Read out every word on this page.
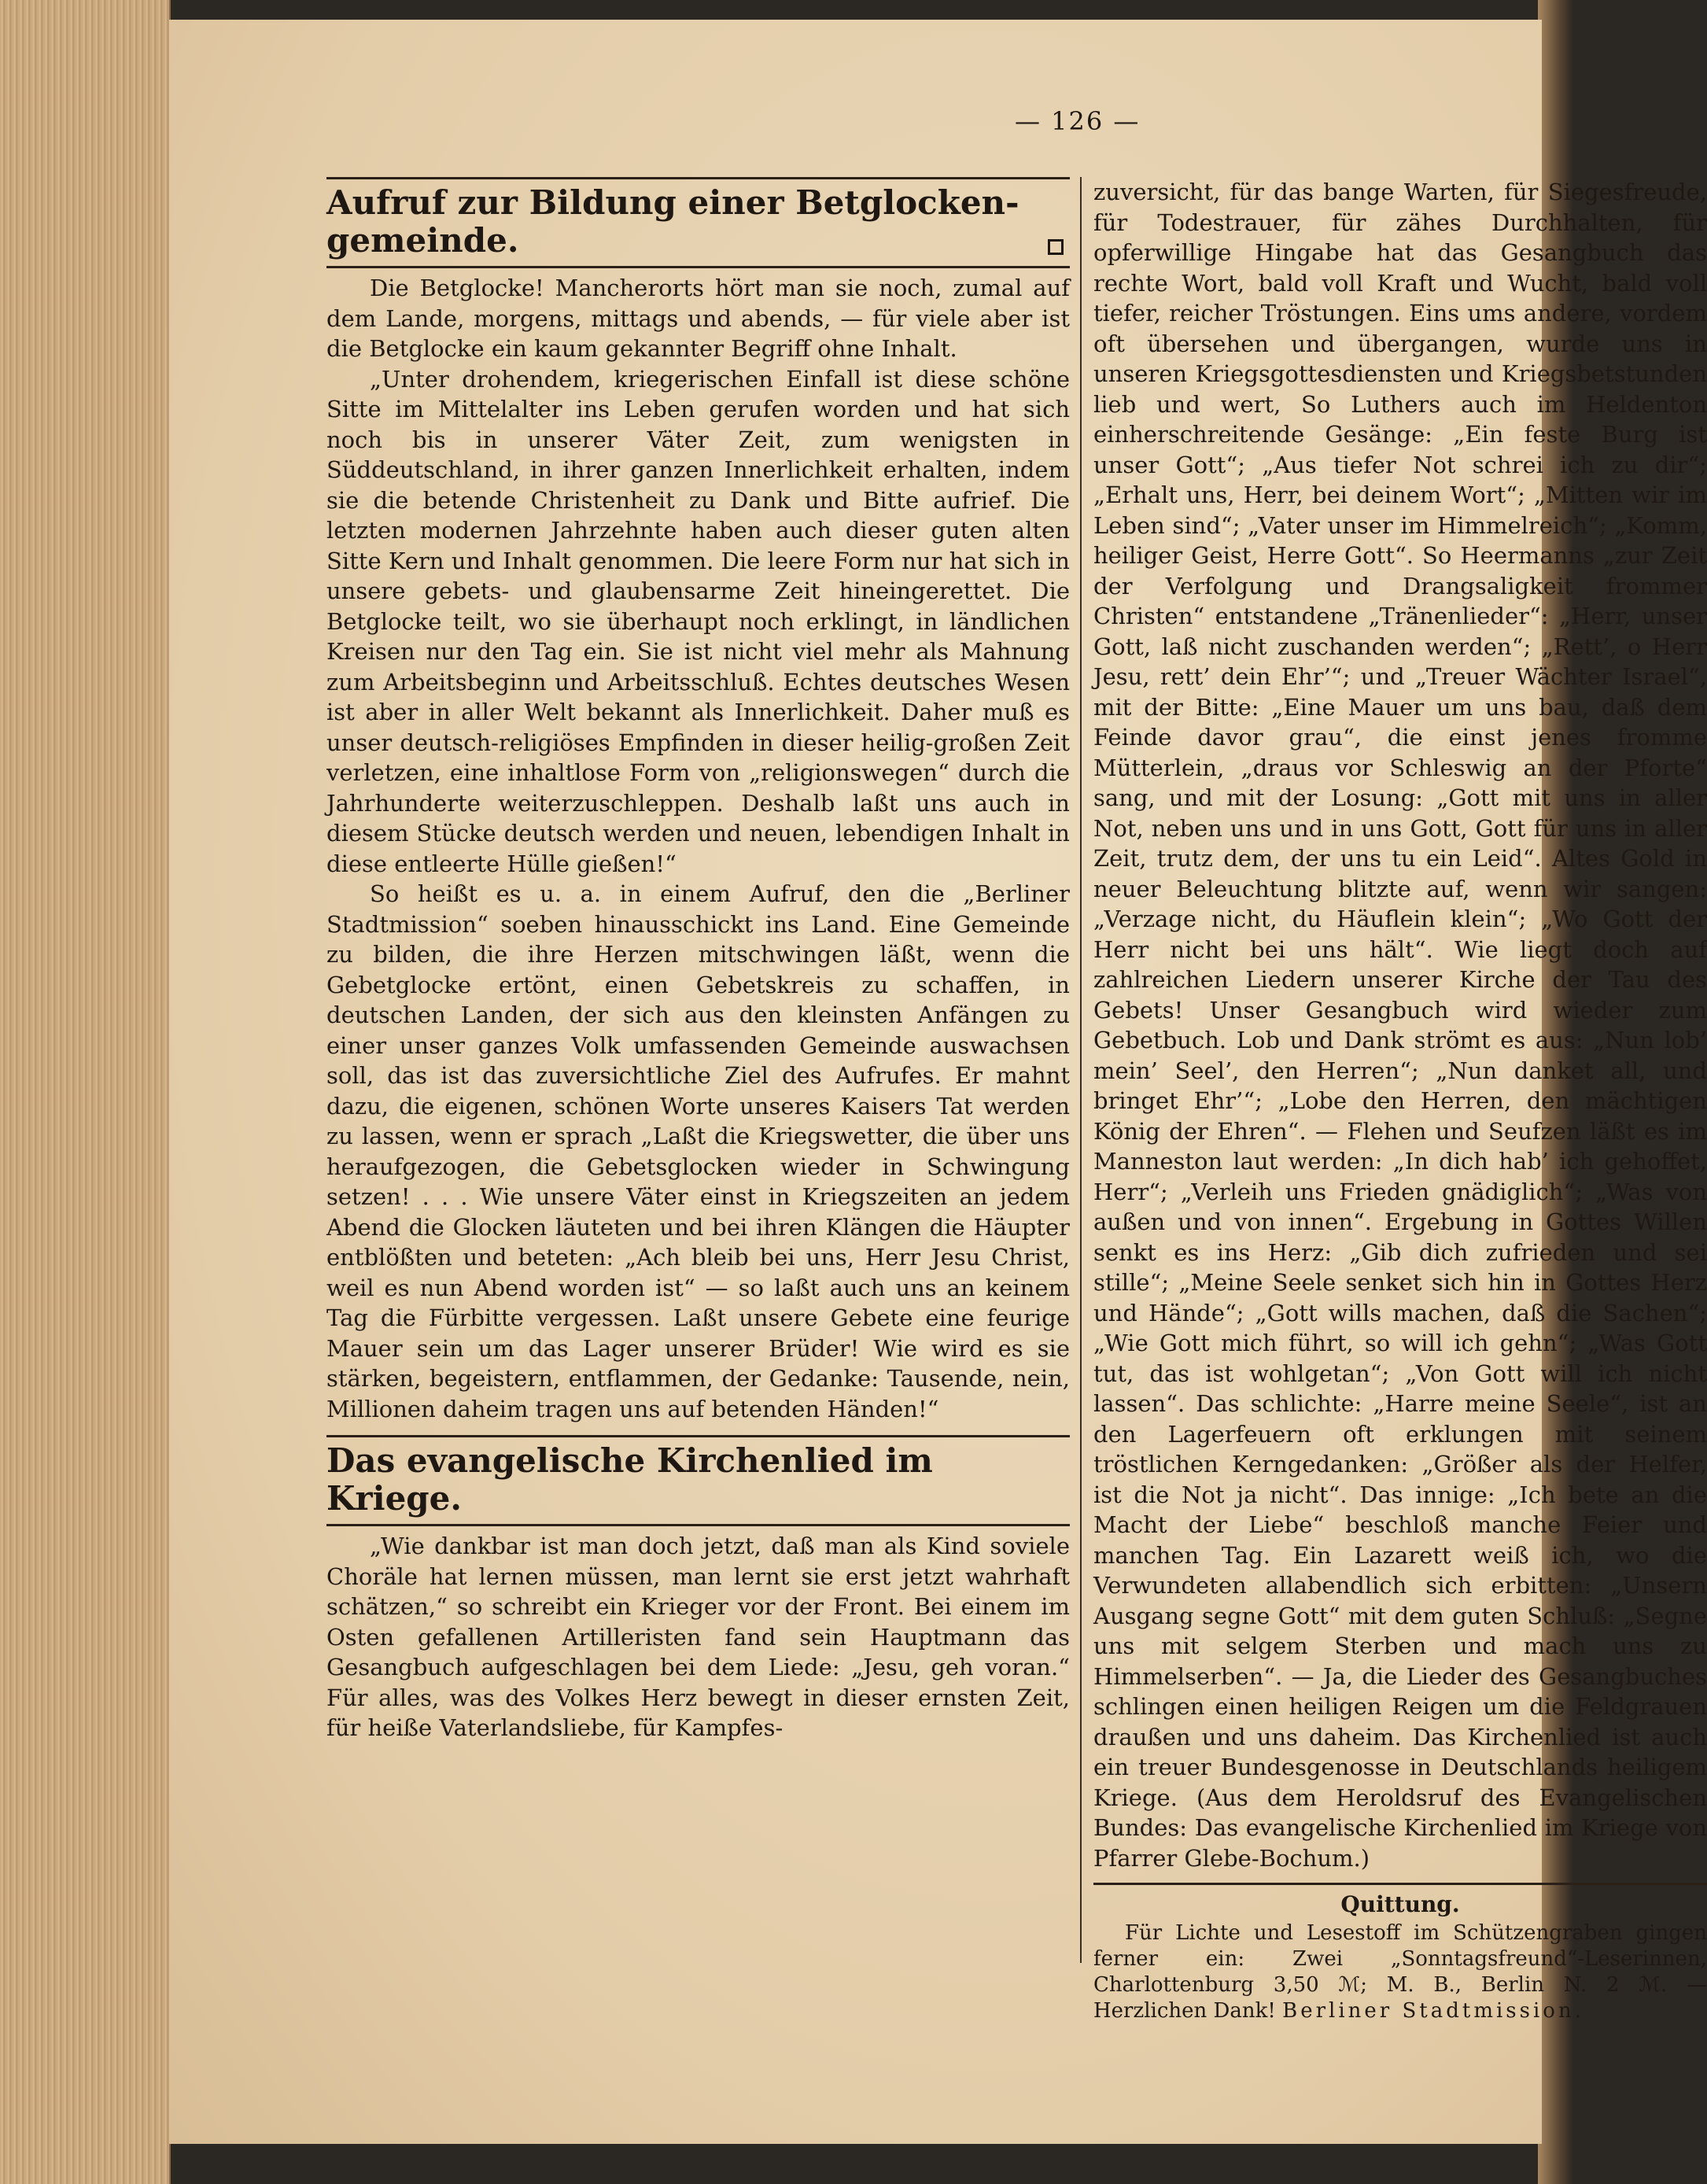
— 126 —
Aufruf zur Bildung einer Betglocken-gemeinde.

Die Betglocke! Mancherorts hört man sie noch, zumal auf dem Lande, morgens, mittags und abends, — für viele aber ist die Betglocke ein kaum gekannter Begriff ohne Inhalt.

„Unter drohendem, kriegerischen Einfall ist diese schöne Sitte im Mittelalter ins Leben gerufen worden und hat sich noch bis in unserer Väter Zeit, zum wenigsten in Süddeutschland, in ihrer ganzen Innerlichkeit erhalten, indem sie die betende Christenheit zu Dank und Bitte aufrief. Die letzten modernen Jahrzehnte haben auch dieser guten alten Sitte Kern und Inhalt genommen. Die leere Form nur hat sich in unsere gebets- und glaubensarme Zeit hineingerettet. Die Betglocke teilt, wo sie überhaupt noch erklingt, in ländlichen Kreisen nur den Tag ein. Sie ist nicht viel mehr als Mahnung zum Arbeitsbeginn und Arbeitsschluß. Echtes deutsches Wesen ist aber in aller Welt bekannt als Innerlichkeit. Daher muß es unser deutsch-religiöses Empfinden in dieser heilig-großen Zeit verletzen, eine inhaltlose Form von „religionswegen“ durch die Jahrhunderte weiterzuschleppen. Deshalb laßt uns auch in diesem Stücke deutsch werden und neuen, lebendigen Inhalt in diese entleerte Hülle gießen!“

So heißt es u. a. in einem Aufruf, den die „Berliner Stadtmission“ soeben hinausschickt ins Land. Eine Gemeinde zu bilden, die ihre Herzen mitschwingen läßt, wenn die Gebetglocke ertönt, einen Gebetskreis zu schaffen, in deutschen Landen, der sich aus den kleinsten Anfängen zu einer unser ganzes Volk umfassenden Gemeinde auswachsen soll, das ist das zuversichtliche Ziel des Aufrufes. Er mahnt dazu, die eigenen, schönen Worte unseres Kaisers Tat werden zu lassen, wenn er sprach „Laßt die Kriegswetter, die über uns heraufgezogen, die Gebetsglocken wieder in Schwingung setzen! . . . Wie unsere Väter einst in Kriegszeiten an jedem Abend die Glocken läuteten und bei ihren Klängen die Häupter entblößten und beteten: „Ach bleib bei uns, Herr Jesu Christ, weil es nun Abend worden ist“ — so laßt auch uns an keinem Tag die Fürbitte vergessen. Laßt unsere Gebete eine feurige Mauer sein um das Lager unserer Brüder! Wie wird es sie stärken, begeistern, entflammen, der Gedanke: Tausende, nein, Millionen daheim tragen uns auf betenden Händen!“

Das evangelische Kirchenlied im Kriege.

„Wie dankbar ist man doch jetzt, daß man als Kind soviele Choräle hat lernen müssen, man lernt sie erst jetzt wahrhaft schätzen,“ so schreibt ein Krieger vor der Front. Bei einem im Osten gefallenen Artilleristen fand sein Hauptmann das Gesangbuch aufgeschlagen bei dem Liede: „Jesu, geh voran.“ Für alles, was des Volkes Herz bewegt in dieser ernsten Zeit, für heiße Vaterlandsliebe, für Kampfes-

zuversicht, für das bange Warten, für Siegesfreude, für Todestrauer, für zähes Durchhalten, für opferwillige Hingabe hat das Gesangbuch das rechte Wort, bald voll Kraft und Wucht, bald voll tiefer, reicher Tröstungen. Eins ums andere, vordem oft übersehen und übergangen, wurde uns in unseren Kriegsgottesdiensten und Kriegsbetstunden lieb und wert, So Luthers auch im Heldenton einherschreitende Gesänge: „Ein feste Burg ist unser Gott“; „Aus tiefer Not schrei ich zu dir“; „Erhalt uns, Herr, bei deinem Wort“; „Mitten wir im Leben sind“; „Vater unser im Himmelreich“; „Komm, heiliger Geist, Herre Gott“. So Heermanns „zur Zeit der Verfolgung und Drangsaligkeit frommer Christen“ entstandene „Tränenlieder“: „Herr, unser Gott, laß nicht zuschanden werden“; „Rett’, o Herr Jesu, rett’ dein Ehr’“; und „Treuer Wächter Israel“, mit der Bitte: „Eine Mauer um uns bau, daß dem Feinde davor grau“, die einst jenes fromme Mütterlein, „draus vor Schleswig an der Pforte“ sang, und mit der Losung: „Gott mit uns in aller Not, neben uns und in uns Gott, Gott für uns in aller Zeit, trutz dem, der uns tu ein Leid“. Altes Gold in neuer Beleuchtung blitzte auf, wenn wir sangen: „Verzage nicht, du Häuflein klein“; „Wo Gott der Herr nicht bei uns hält“. Wie liegt doch auf zahlreichen Liedern unserer Kirche der Tau des Gebets! Unser Gesangbuch wird wieder zum Gebetbuch. Lob und Dank strömt es aus: „Nun lob’ mein’ Seel’, den Herren“; „Nun danket all, und bringet Ehr’“; „Lobe den Herren, den mächtigen König der Ehren“. — Flehen und Seufzen läßt es im Manneston laut werden: „In dich hab’ ich gehoffet, Herr“; „Verleih uns Frieden gnädiglich“; „Was von außen und von innen“. Ergebung in Gottes Willen senkt es ins Herz: „Gib dich zufrieden und sei stille“; „Meine Seele senket sich hin in Gottes Herz und Hände“; „Gott wills machen, daß die Sachen“; „Wie Gott mich führt, so will ich gehn“; „Was Gott tut, das ist wohlgetan“; „Von Gott will ich nicht lassen“. Das schlichte: „Harre meine Seele“, ist an den Lagerfeuern oft erklungen mit seinem tröstlichen Kerngedanken: „Größer als der Helfer, ist die Not ja nicht“. Das innige: „Ich bete an die Macht der Liebe“ beschloß manche Feier und manchen Tag. Ein Lazarett weiß ich, wo die Verwundeten allabendlich sich erbitten: „Unsern Ausgang segne Gott“ mit dem guten Schluß: „Segne uns mit selgem Sterben und mach uns zu Himmelserben“. — Ja, die Lieder des Gesangbuches schlingen einen heiligen Reigen um die Feldgrauen draußen und uns daheim. Das Kirchenlied ist auch ein treuer Bundesgenosse in Deutschlands heiligem Kriege. (Aus dem Heroldsruf des Evangelischen Bundes: Das evangelische Kirchenlied im Kriege von Pfarrer Glebe-Bochum.)

Quittung.

Für Lichte und Lesestoff im Schützengraben gingen ferner ein: Zwei „Sonntagsfreund“-Leserinnen, Charlottenburg 3,50 ℳ; M. B., Berlin N. 2 ℳ. — Herzlichen Dank! Berliner Stadtmission.
